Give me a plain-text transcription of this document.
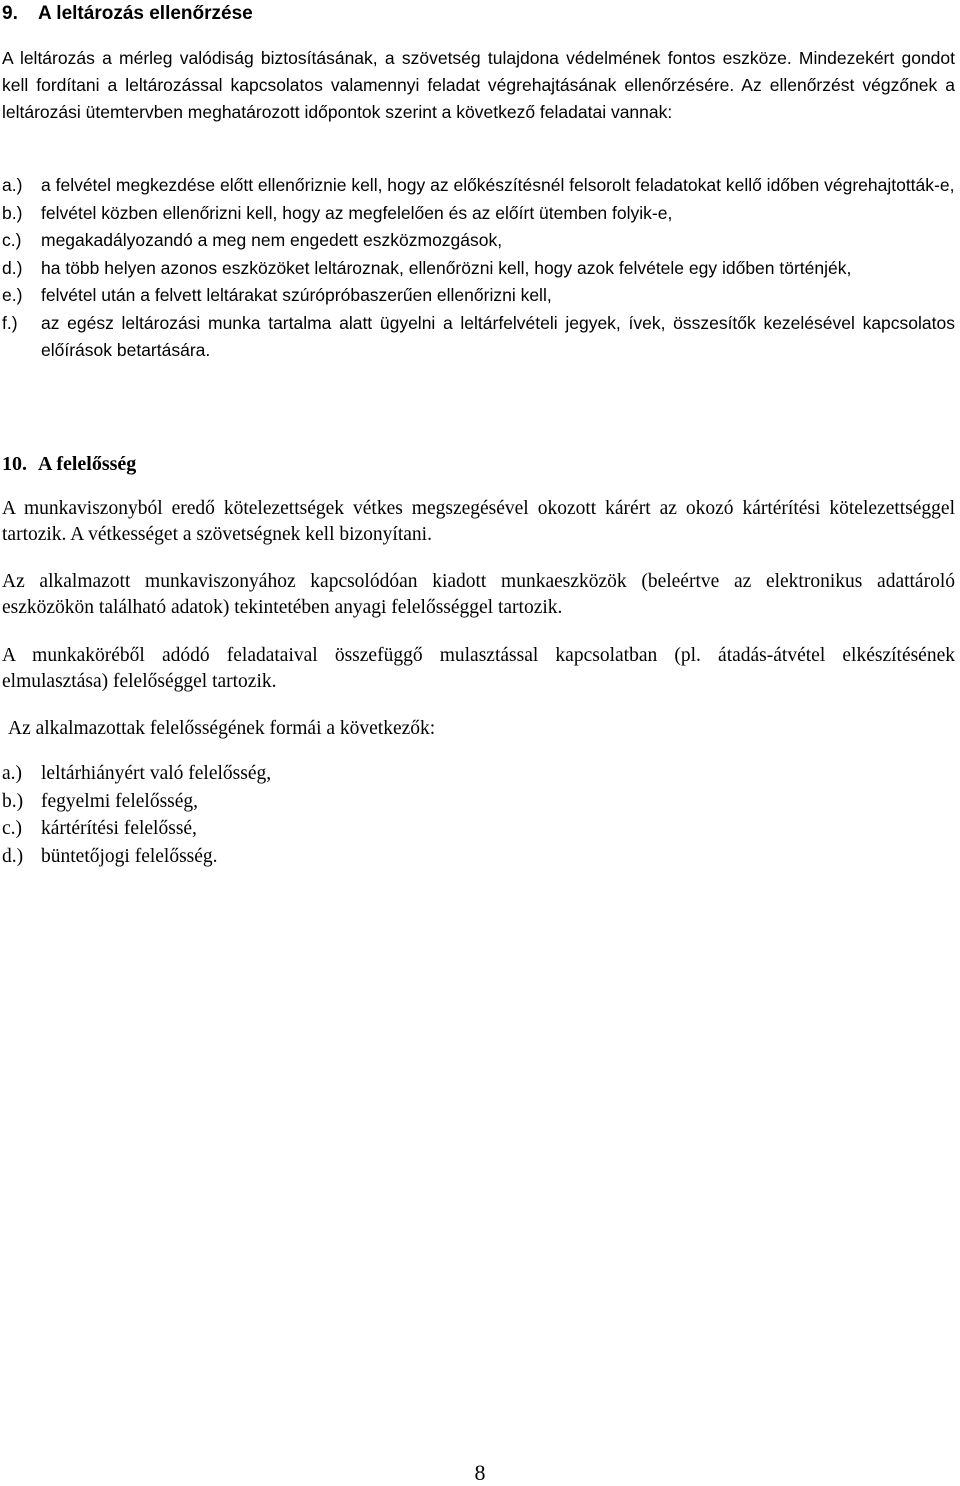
9. A leltározás ellenőrzése

A leltározás a mérleg valódiság biztosításának, a szövetség tulajdona védelmének fontos eszköze. Mindezekért gondot kell fordítani a leltározással kapcsolatos valamennyi feladat végrehajtásának ellenőrzésére. Az ellenőrzést végzőnek a leltározási ütemtervben meghatározott időpontok szerint a következő feladatai vannak:

a.) a felvétel megkezdése előtt ellenőriznie kell, hogy az előkészítésnél felsorolt feladatokat kellő időben végrehajtották-e,
b.) felvétel közben ellenőrizni kell, hogy az megfelelően és az előírt ütemben folyik-e,
c.) megakadályozandó a meg nem engedett eszközmozgások,
d.) ha több helyen azonos eszközöket leltároznak, ellenőrözni kell, hogy azok felvétele egy időben történjék,
e.) felvétel után a felvett leltárakat szúrópróbaszerűen ellenőrizni kell,
f.) az egész leltározási munka tartalma alatt ügyelni a leltárfelvételi jegyek, ívek, összesítők kezelésével kapcsolatos előírások betartására.
10. A felelősség

A munkaviszonyból eredő kötelezettségek vétkes megszegésével okozott kárért az okozó kártérítési kötelezettséggel tartozik. A vétkességet a szövetségnek kell bizonyítani.

Az alkalmazott munkaviszonyához kapcsolódóan kiadott munkaeszközök (beleértve az elektronikus adattároló eszközökön található adatok) tekintetében anyagi felelősséggel tartozik.

A munkaköréből adódó feladataival összefüggő mulasztással kapcsolatban (pl. átadás-átvétel elkészítésének elmulasztása) felelőséggel tartozik.

Az alkalmazottak felelősségének formái a következők:

a.) leltárhiányért való felelősség,
b.) fegyelmi felelősség,
c.) kártérítési felelőssé,
d.) büntetőjogi felelősség.
8
